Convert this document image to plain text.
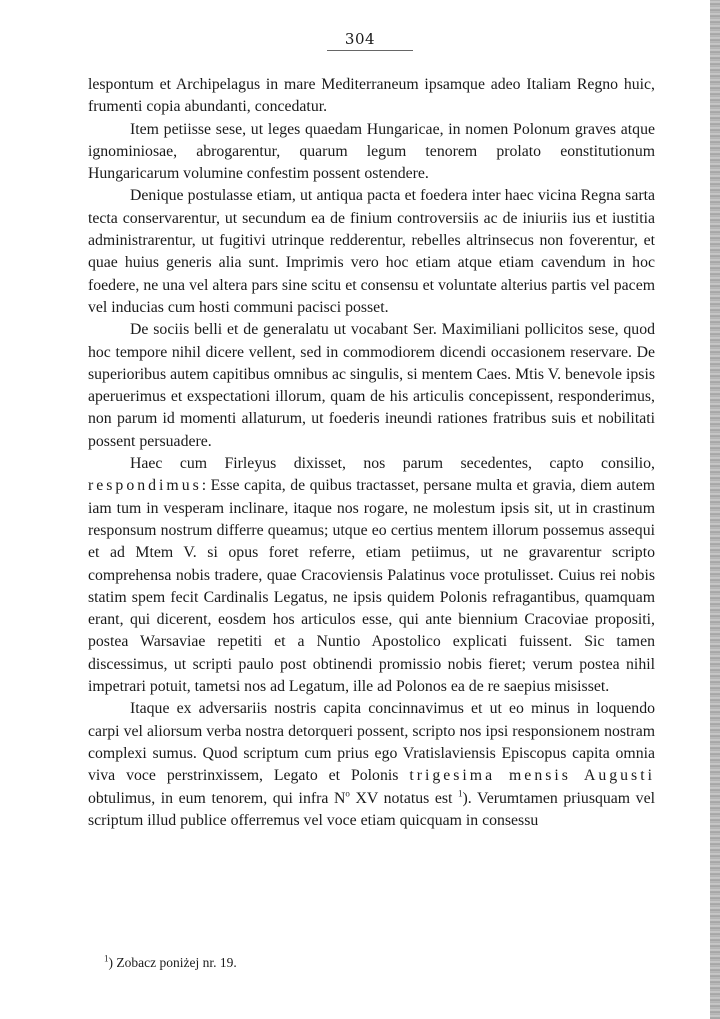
304

lespontum et Archipelagus in mare Mediterraneum ipsamque adeo Italiam Regno huic, frumenti copia abundanti, concedatur.

Item petiisse sese, ut leges quaedam Hungaricae, in nomen Polonum graves atque ignominiosae, abrogarentur, quarum legum tenorem prolato eonstitutionum Hungaricarum volumine confestim possent ostendere.

Denique postulasse etiam, ut antiqua pacta et foedera inter haec vicina Regna sarta tecta conservarentur, ut secundum ea de finium controversiis ac de iniuriis ius et iustitia administrarentur, ut fugitivi utrinque redderentur, rebelles altrinsecus non foverentur, et quae huius generis alia sunt. Imprimis vero hoc etiam atque etiam cavendum in hoc foedere, ne una vel altera pars sine scitu et consensu et voluntate alterius partis vel pacem vel inducias cum hosti communi pacisci posset.

De sociis belli et de generalatu ut vocabant Ser. Maximiliani pollicitos sese, quod hoc tempore nihil dicere vellent, sed in commodiorem dicendi occasionem reservare. De superioribus autem capitibus omnibus ac singulis, si mentem Caes. Mtis V. benevole ipsis aperuerimus et exspectationi illorum, quam de his articulis concepissent, responderimus, non parum id momenti allaturum, ut foederis ineundi rationes fratribus suis et nobilitati possent persuadere.

Haec cum Firleyus dixisset, nos parum secedentes, capto consilio, respondimus: Esse capita, de quibus tractasset, persane multa et gravia, diem autem iam tum in vesperam inclinare, itaque nos rogare, ne molestum ipsis sit, ut in crastinum responsum nostrum differre queamus; utque eo certius mentem illorum possemus assequi et ad Mtem V. si opus foret referre, etiam petiimus, ut ne gravarentur scripto comprehensa nobis tradere, quae Cracoviensis Palatinus voce protulisset. Cuius rei nobis statim spem fecit Cardinalis Legatus, ne ipsis quidem Polonis refragantibus, quamquam erant, qui dicerent, eosdem hos articulos esse, qui ante biennium Cracoviae propositi, postea Warsaviae repetiti et a Nuntio Apostolico explicati fuissent. Sic tamen discessimus, ut scripti paulo post obtinendi promissio nobis fieret; verum postea nihil impetrari potuit, tametsi nos ad Legatum, ille ad Polonos ea de re saepius misisset.

Itaque ex adversariis nostris capita concinnavimus et ut eo minus in loquendo carpi vel aliorsum verba nostra detorqueri possent, scripto nos ipsi responsionem nostram complexi sumus. Quod scriptum cum prius ego Vratislaviensis Episcopus capita omnia viva voce perstrinxissem, Legato et Polonis trigesima mensis Augusti obtulimus, in eum tenorem, qui infra $N^o$ XV notatus est $^1$). Verumtamen priusquam vel scriptum illud publice offerremus vel voce etiam quicquam in consessu

$^1$) Zobacz poniżej nr. 19.
